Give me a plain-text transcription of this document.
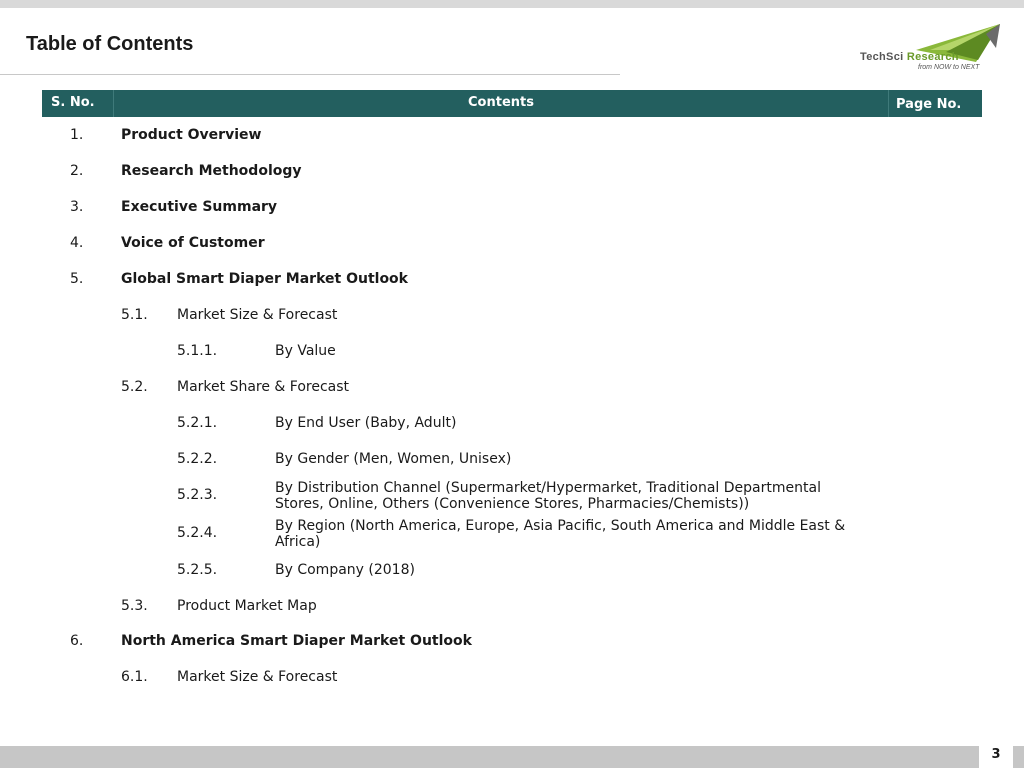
Table of Contents
TechSci Research
from NOW to NEXT
S. No.	Contents	Page No.
1.	Product Overview
2.	Research Methodology
3.	Executive Summary
4.	Voice of Customer
5.	Global Smart Diaper Market Outlook
5.1. Market Size & Forecast
5.1.1.	By Value
5.2. Market Share & Forecast
5.2.1.	By End User (Baby, Adult)
5.2.2.	By Gender (Men, Women, Unisex)
5.2.3.	By Distribution Channel (Supermarket/Hypermarket, Traditional Departmental Stores, Online, Others (Convenience Stores, Pharmacies/Chemists))
5.2.4.	By Region (North America, Europe, Asia Pacific, South America and Middle East & Africa)
5.2.5.	By Company (2018)
5.3. Product Market Map
6.	North America Smart Diaper Market Outlook
6.1. Market Size & Forecast
3
